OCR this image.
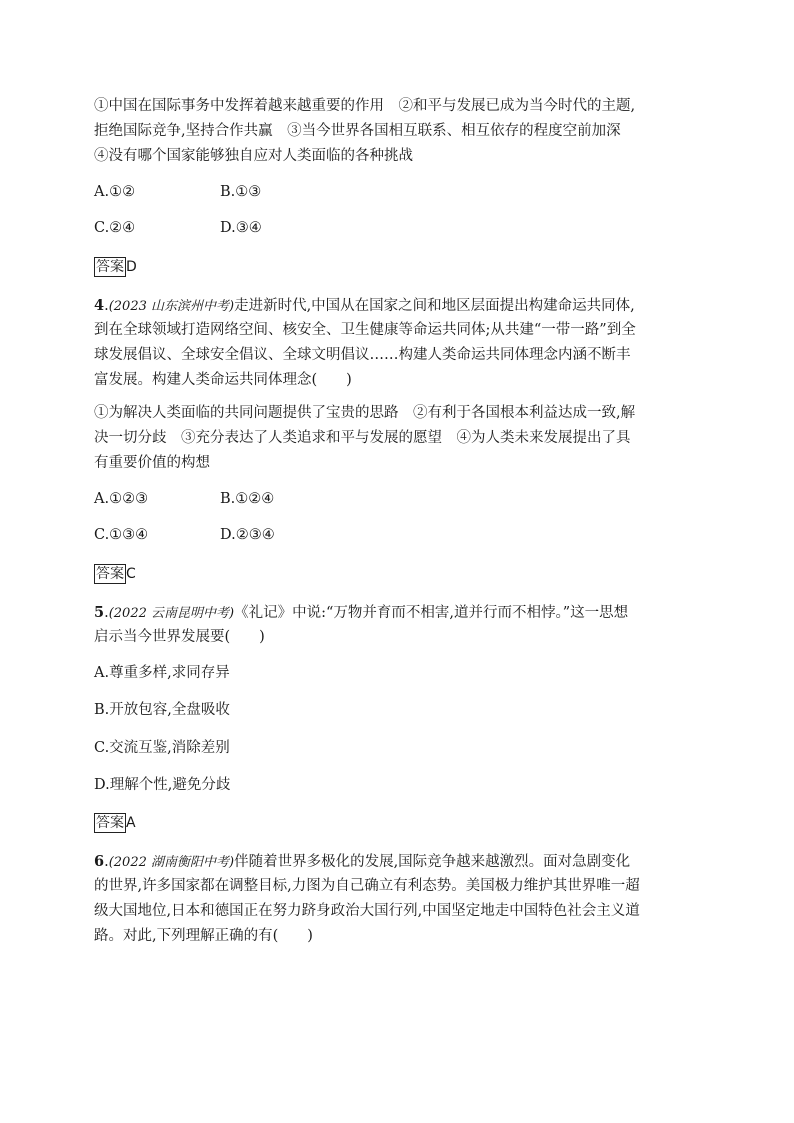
①中国在国际事务中发挥着越来越重要的作用　②和平与发展已成为当今时代的主题,
拒绝国际竞争,坚持合作共赢　③当今世界各国相互联系、相互依存的程度空前加深
④没有哪个国家能够独自应对人类面临的各种挑战
A.①②	B.①③
C.②④	D.③④
答案 D
4.(2023 山东滨州中考)走进新时代,中国从在国家之间和地区层面提出构建命运共同体,
到在全球领域打造网络空间、核安全、卫生健康等命运共同体;从共建“一带一路”到全
球发展倡议、全球安全倡议、全球文明倡议……构建人类命运共同体理念内涵不断丰
富发展。构建人类命运共同体理念(　　)
①为解决人类面临的共同问题提供了宝贵的思路　②有利于各国根本利益达成一致,解
决一切分歧　③充分表达了人类追求和平与发展的愿望　④为人类未来发展提出了具
有重要价值的构想
A.①②③	B.①②④
C.①③④	D.②③④
答案 C
5.(2022 云南昆明中考)《礼记》中说:“万物并育而不相害,道并行而不相悖。”这一思想
启示当今世界发展要(　　)
A.尊重多样,求同存异
B.开放包容,全盘吸收
C.交流互鉴,消除差别
D.理解个性,避免分歧
答案 A
6.(2022 湖南衡阳中考)伴随着世界多极化的发展,国际竞争越来越激烈。面对急剧变化
的世界,许多国家都在调整目标,力图为自己确立有利态势。美国极力维护其世界唯一超
级大国地位,日本和德国正在努力跻身政治大国行列,中国坚定地走中国特色社会主义道
路。对此,下列理解正确的有(　　)
